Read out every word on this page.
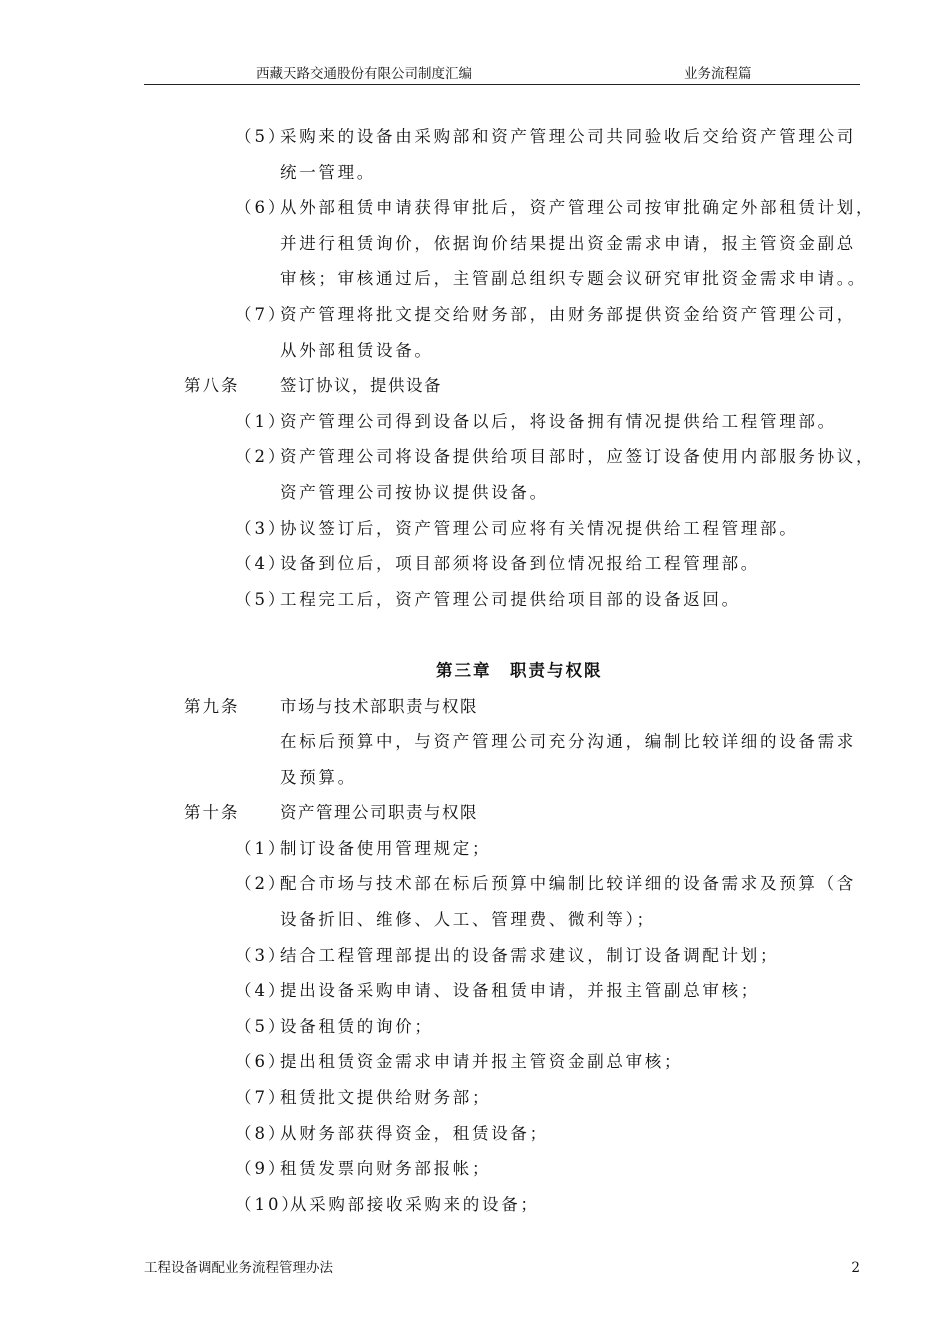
西藏天路交通股份有限公司制度汇编	业务流程篇
（5）
采购来的设备由采购部和资产管理公司共同验收后交给资产管理公司
统一管理。
（6）
从外部租赁申请获得审批后，资产管理公司按审批确定外部租赁计划，
并进行租赁询价，依据询价结果提出资金需求申请，报主管资金副总
审核；审核通过后，主管副总组织专题会议研究审批资金需求申请。。
（7）
资产管理将批文提交给财务部，由财务部提供资金给资产管理公司，
从外部租赁设备。
第八条 签订协议，提供设备
（1）
资产管理公司得到设备以后，将设备拥有情况提供给工程管理部。
（2）
资产管理公司将设备提供给项目部时，应签订设备使用内部服务协议，
资产管理公司按协议提供设备。
（3）
协议签订后，资产管理公司应将有关情况提供给工程管理部。
（4）
设备到位后，项目部须将设备到位情况报给工程管理部。
（5）
工程完工后，资产管理公司提供给项目部的设备返回。
第三章　职责与权限
第九条 市场与技术部职责与权限
在标后预算中，与资产管理公司充分沟通，编制比较详细的设备需求
及预算。
第十条 资产管理公司职责与权限
（1）
制订设备使用管理规定；
（2）
配合市场与技术部在标后预算中编制比较详细的设备需求及预算（含
设备折旧、维修、人工、管理费、微利等）；
（3）
结合工程管理部提出的设备需求建议，制订设备调配计划；
（4）
提出设备采购申请、设备租赁申请，并报主管副总审核；
（5）
设备租赁的询价；
（6）
提出租赁资金需求申请并报主管资金副总审核；
（7）
租赁批文提供给财务部；
（8）
从财务部获得资金，租赁设备；
（9）
租赁发票向财务部报帐；
（10）
从采购部接收采购来的设备；
工程设备调配业务流程管理办法	2
